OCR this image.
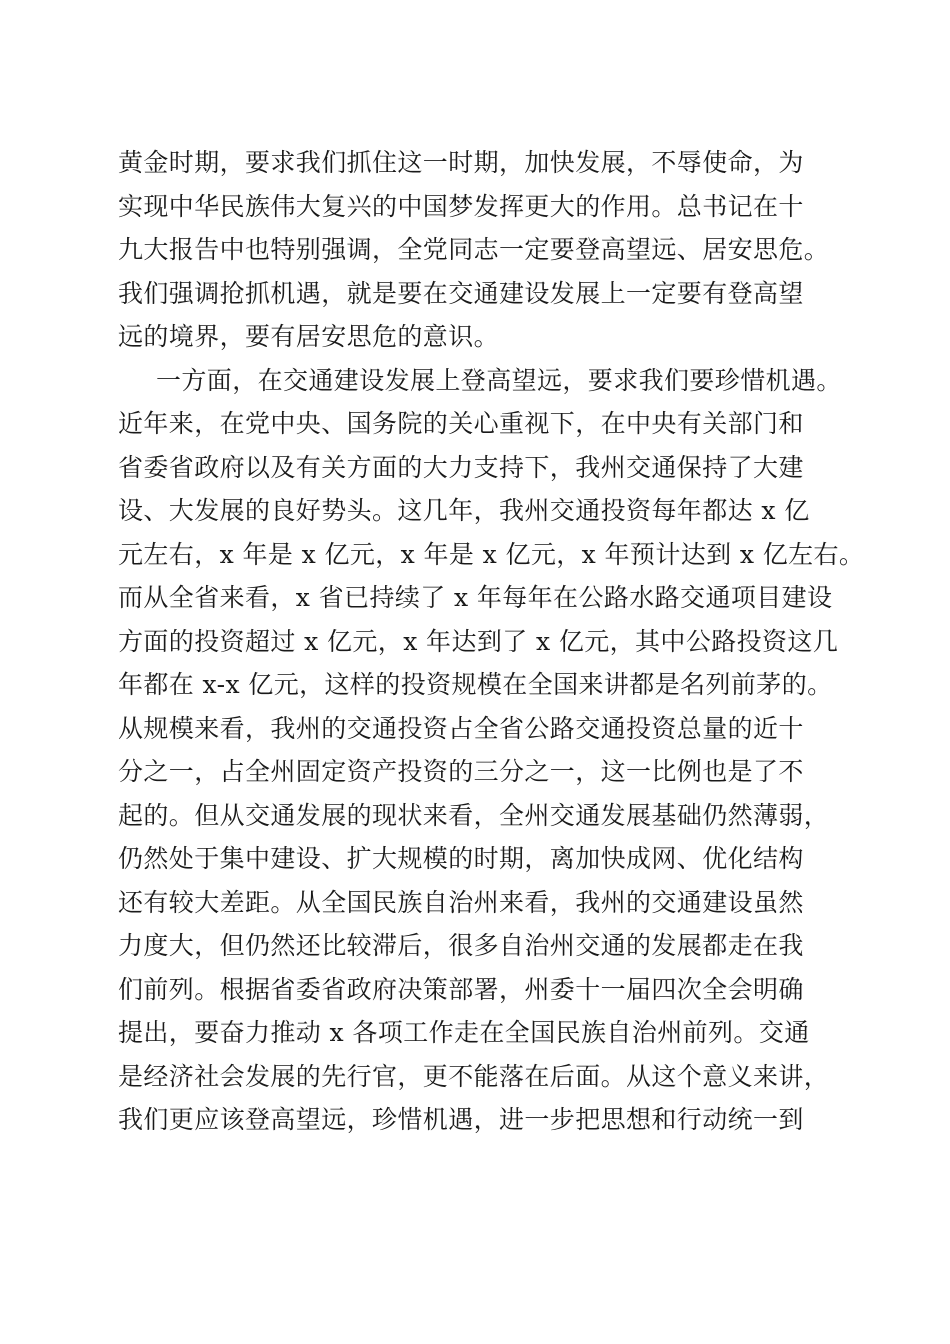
黄金时期，要求我们抓住这一时期，加快发展，不辱使命，为
实现中华民族伟大复兴的中国梦发挥更大的作用。总书记在十
九大报告中也特别强调，全党同志一定要登高望远、居安思危。
我们强调抢抓机遇，就是要在交通建设发展上一定要有登高望
远的境界，要有居安思危的意识。
一方面，在交通建设发展上登高望远，要求我们要珍惜机遇。
近年来，在党中央、国务院的关心重视下，在中央有关部门和
省委省政府以及有关方面的大力支持下，我州交通保持了大建
设、大发展的良好势头。这几年，我州交通投资每年都达 x 亿
元左右，x 年是 x 亿元，x 年是 x 亿元，x 年预计达到 x 亿左右。
而从全省来看，x 省已持续了 x 年每年在公路水路交通项目建设
方面的投资超过 x 亿元，x 年达到了 x 亿元，其中公路投资这几
年都在 x-x 亿元，这样的投资规模在全国来讲都是名列前茅的。
从规模来看，我州的交通投资占全省公路交通投资总量的近十
分之一，占全州固定资产投资的三分之一，这一比例也是了不
起的。但从交通发展的现状来看，全州交通发展基础仍然薄弱，
仍然处于集中建设、扩大规模的时期，离加快成网、优化结构
还有较大差距。从全国民族自治州来看，我州的交通建设虽然
力度大，但仍然还比较滞后，很多自治州交通的发展都走在我
们前列。根据省委省政府决策部署，州委十一届四次全会明确
提出，要奋力推动 x 各项工作走在全国民族自治州前列。交通
是经济社会发展的先行官，更不能落在后面。从这个意义来讲，
我们更应该登高望远，珍惜机遇，进一步把思想和行动统一到
